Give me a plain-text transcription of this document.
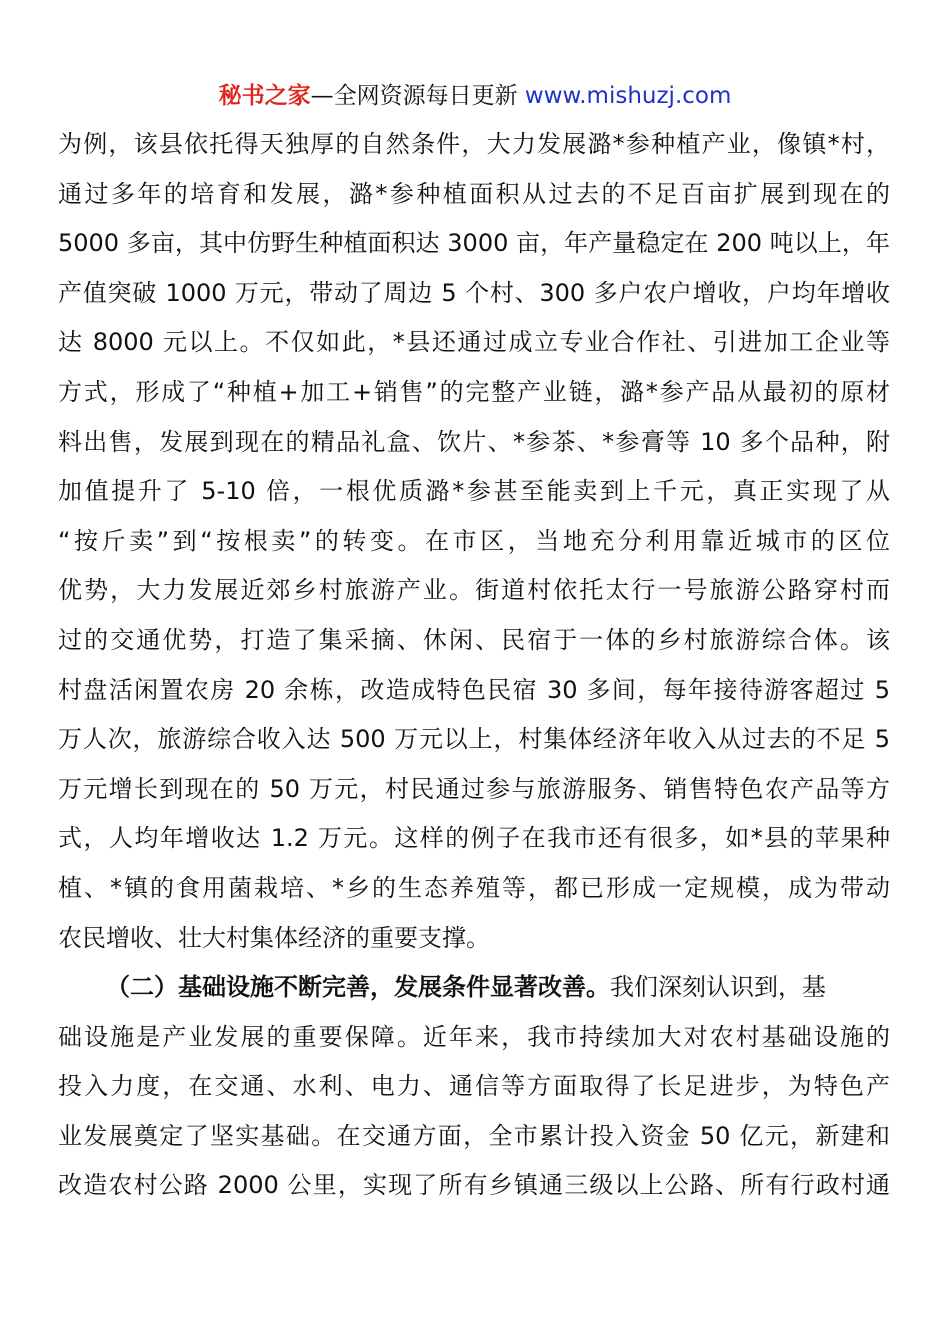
秘书之家—全网资源每日更新 www.mishuzj.com
为例，该县依托得天独厚的自然条件，大力发展潞*参种植产业，像镇*村，
通过多年的培育和发展，潞*参种植面积从过去的不足百亩扩展到现在的
5000 多亩，其中仿野生种植面积达 3000 亩，年产量稳定在 200 吨以上，年
产值突破 1000 万元，带动了周边 5 个村、300 多户农户增收，户均年增收
达 8000 元以上。不仅如此，*县还通过成立专业合作社、引进加工企业等
方式，形成了“种植+加工+销售”的完整产业链，潞*参产品从最初的原材
料出售，发展到现在的精品礼盒、饮片、*参茶、*参膏等 10 多个品种，附
加值提升了 5-10 倍，一根优质潞*参甚至能卖到上千元，真正实现了从
“按斤卖”到“按根卖”的转变。在市区，当地充分利用靠近城市的区位
优势，大力发展近郊乡村旅游产业。街道村依托太行一号旅游公路穿村而
过的交通优势，打造了集采摘、休闲、民宿于一体的乡村旅游综合体。该
村盘活闲置农房 20 余栋，改造成特色民宿 30 多间，每年接待游客超过 5
万人次，旅游综合收入达 500 万元以上，村集体经济年收入从过去的不足 5
万元增长到现在的 50 万元，村民通过参与旅游服务、销售特色农产品等方
式，人均年增收达 1.2 万元。这样的例子在我市还有很多，如*县的苹果种
植、*镇的食用菌栽培、*乡的生态养殖等，都已形成一定规模，成为带动
农民增收、壮大村集体经济的重要支撑。
（二）基础设施不断完善，发展条件显著改善。我们深刻认识到，基
础设施是产业发展的重要保障。近年来，我市持续加大对农村基础设施的
投入力度，在交通、水利、电力、通信等方面取得了长足进步，为特色产
业发展奠定了坚实基础。在交通方面，全市累计投入资金 50 亿元，新建和
改造农村公路 2000 公里，实现了所有乡镇通三级以上公路、所有行政村通
